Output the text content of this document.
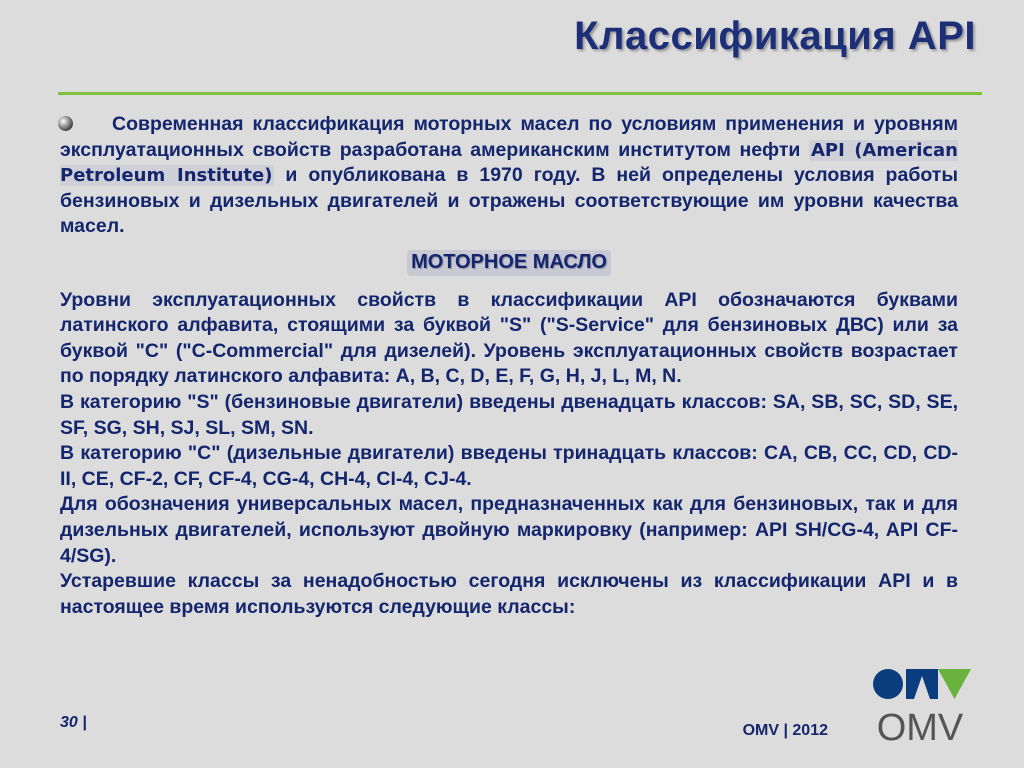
Классификация API

Современная классификация моторных масел по условиям применения и уровням эксплуатационных свойств разработана американским институтом нефти API (American Petroleum Institute) и опубликована в 1970 году. В ней определены условия работы бензиновых и дизельных двигателей и отражены соответствующие им уровни качества масел.

МОТОРНОЕ МАСЛО

Уровни эксплуатационных свойств в классификации API обозначаются буквами латинского алфавита, стоящими за буквой "S" ("S-Service" для бензиновых ДВС) или за буквой "C" ("C-Commercial" для дизелей). Уровень эксплуатационных свойств возрастает по порядку латинского алфавита: A, B, C, D, E, F, G, H, J, L, M, N.

В категорию "S" (бензиновые двигатели) введены двенадцать классов: SA, SB, SC, SD, SE, SF, SG, SH, SJ, SL, SM, SN.

В категорию "C" (дизельные двигатели) введены тринадцать классов: CA, CB, CC, CD, CD-II, CE, CF-2, CF, CF-4, CG-4, CH-4, CI-4, CJ-4.

Для обозначения универсальных масел, предназначенных как для бензиновых, так и для дизельных двигателей, используют двойную маркировку (например: API SH/CG-4, API CF-4/SG).

Устаревшие классы за ненадобностью сегодня исключены из классификации API и в настоящее время используются следующие классы:

30 |	OMV | 2012 OMV
